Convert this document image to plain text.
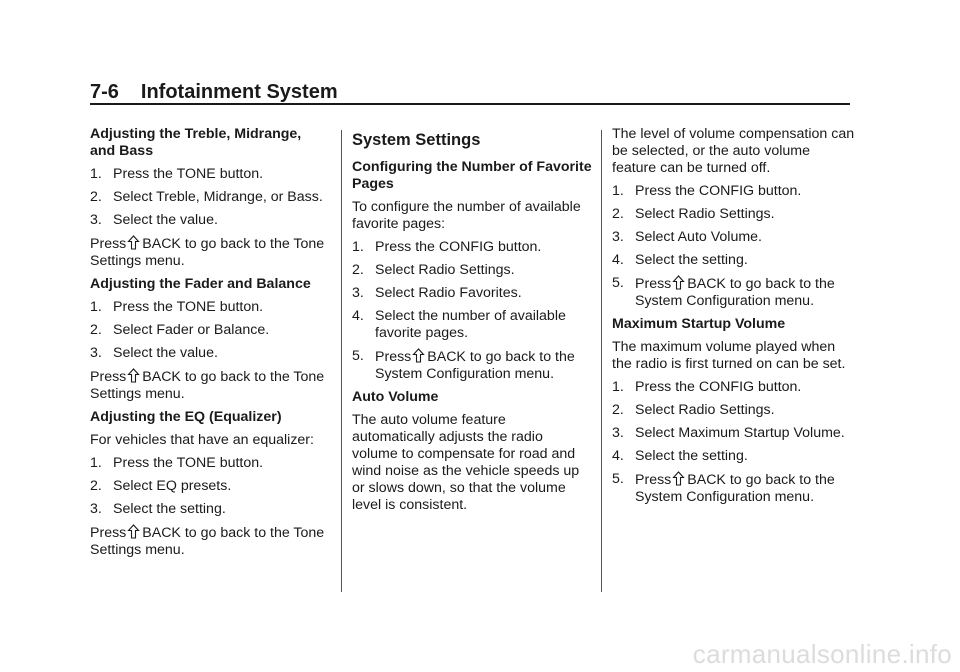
7-6 Infotainment System
Adjusting the Treble, Midrange, and Bass
1. Press the TONE button.
2. Select Treble, Midrange, or Bass.
3. Select the value.
Press BACK to go back to the Tone Settings menu.
Adjusting the Fader and Balance
1. Press the TONE button.
2. Select Fader or Balance.
3. Select the value.
Press BACK to go back to the Tone Settings menu.
Adjusting the EQ (Equalizer)
For vehicles that have an equalizer:
1. Press the TONE button.
2. Select EQ presets.
3. Select the setting.
Press BACK to go back to the Tone Settings menu.
System Settings
Configuring the Number of Favorite Pages
To configure the number of available favorite pages:
1. Press the CONFIG button.
2. Select Radio Settings.
3. Select Radio Favorites.
4. Select the number of available favorite pages.
5. Press BACK to go back to the System Configuration menu.
Auto Volume
The auto volume feature automatically adjusts the radio volume to compensate for road and wind noise as the vehicle speeds up or slows down, so that the volume level is consistent.
The level of volume compensation can be selected, or the auto volume feature can be turned off.
1. Press the CONFIG button.
2. Select Radio Settings.
3. Select Auto Volume.
4. Select the setting.
5. Press BACK to go back to the System Configuration menu.
Maximum Startup Volume
The maximum volume played when the radio is first turned on can be set.
1. Press the CONFIG button.
2. Select Radio Settings.
3. Select Maximum Startup Volume.
4. Select the setting.
5. Press BACK to go back to the System Configuration menu.
carmanualsonline.info
